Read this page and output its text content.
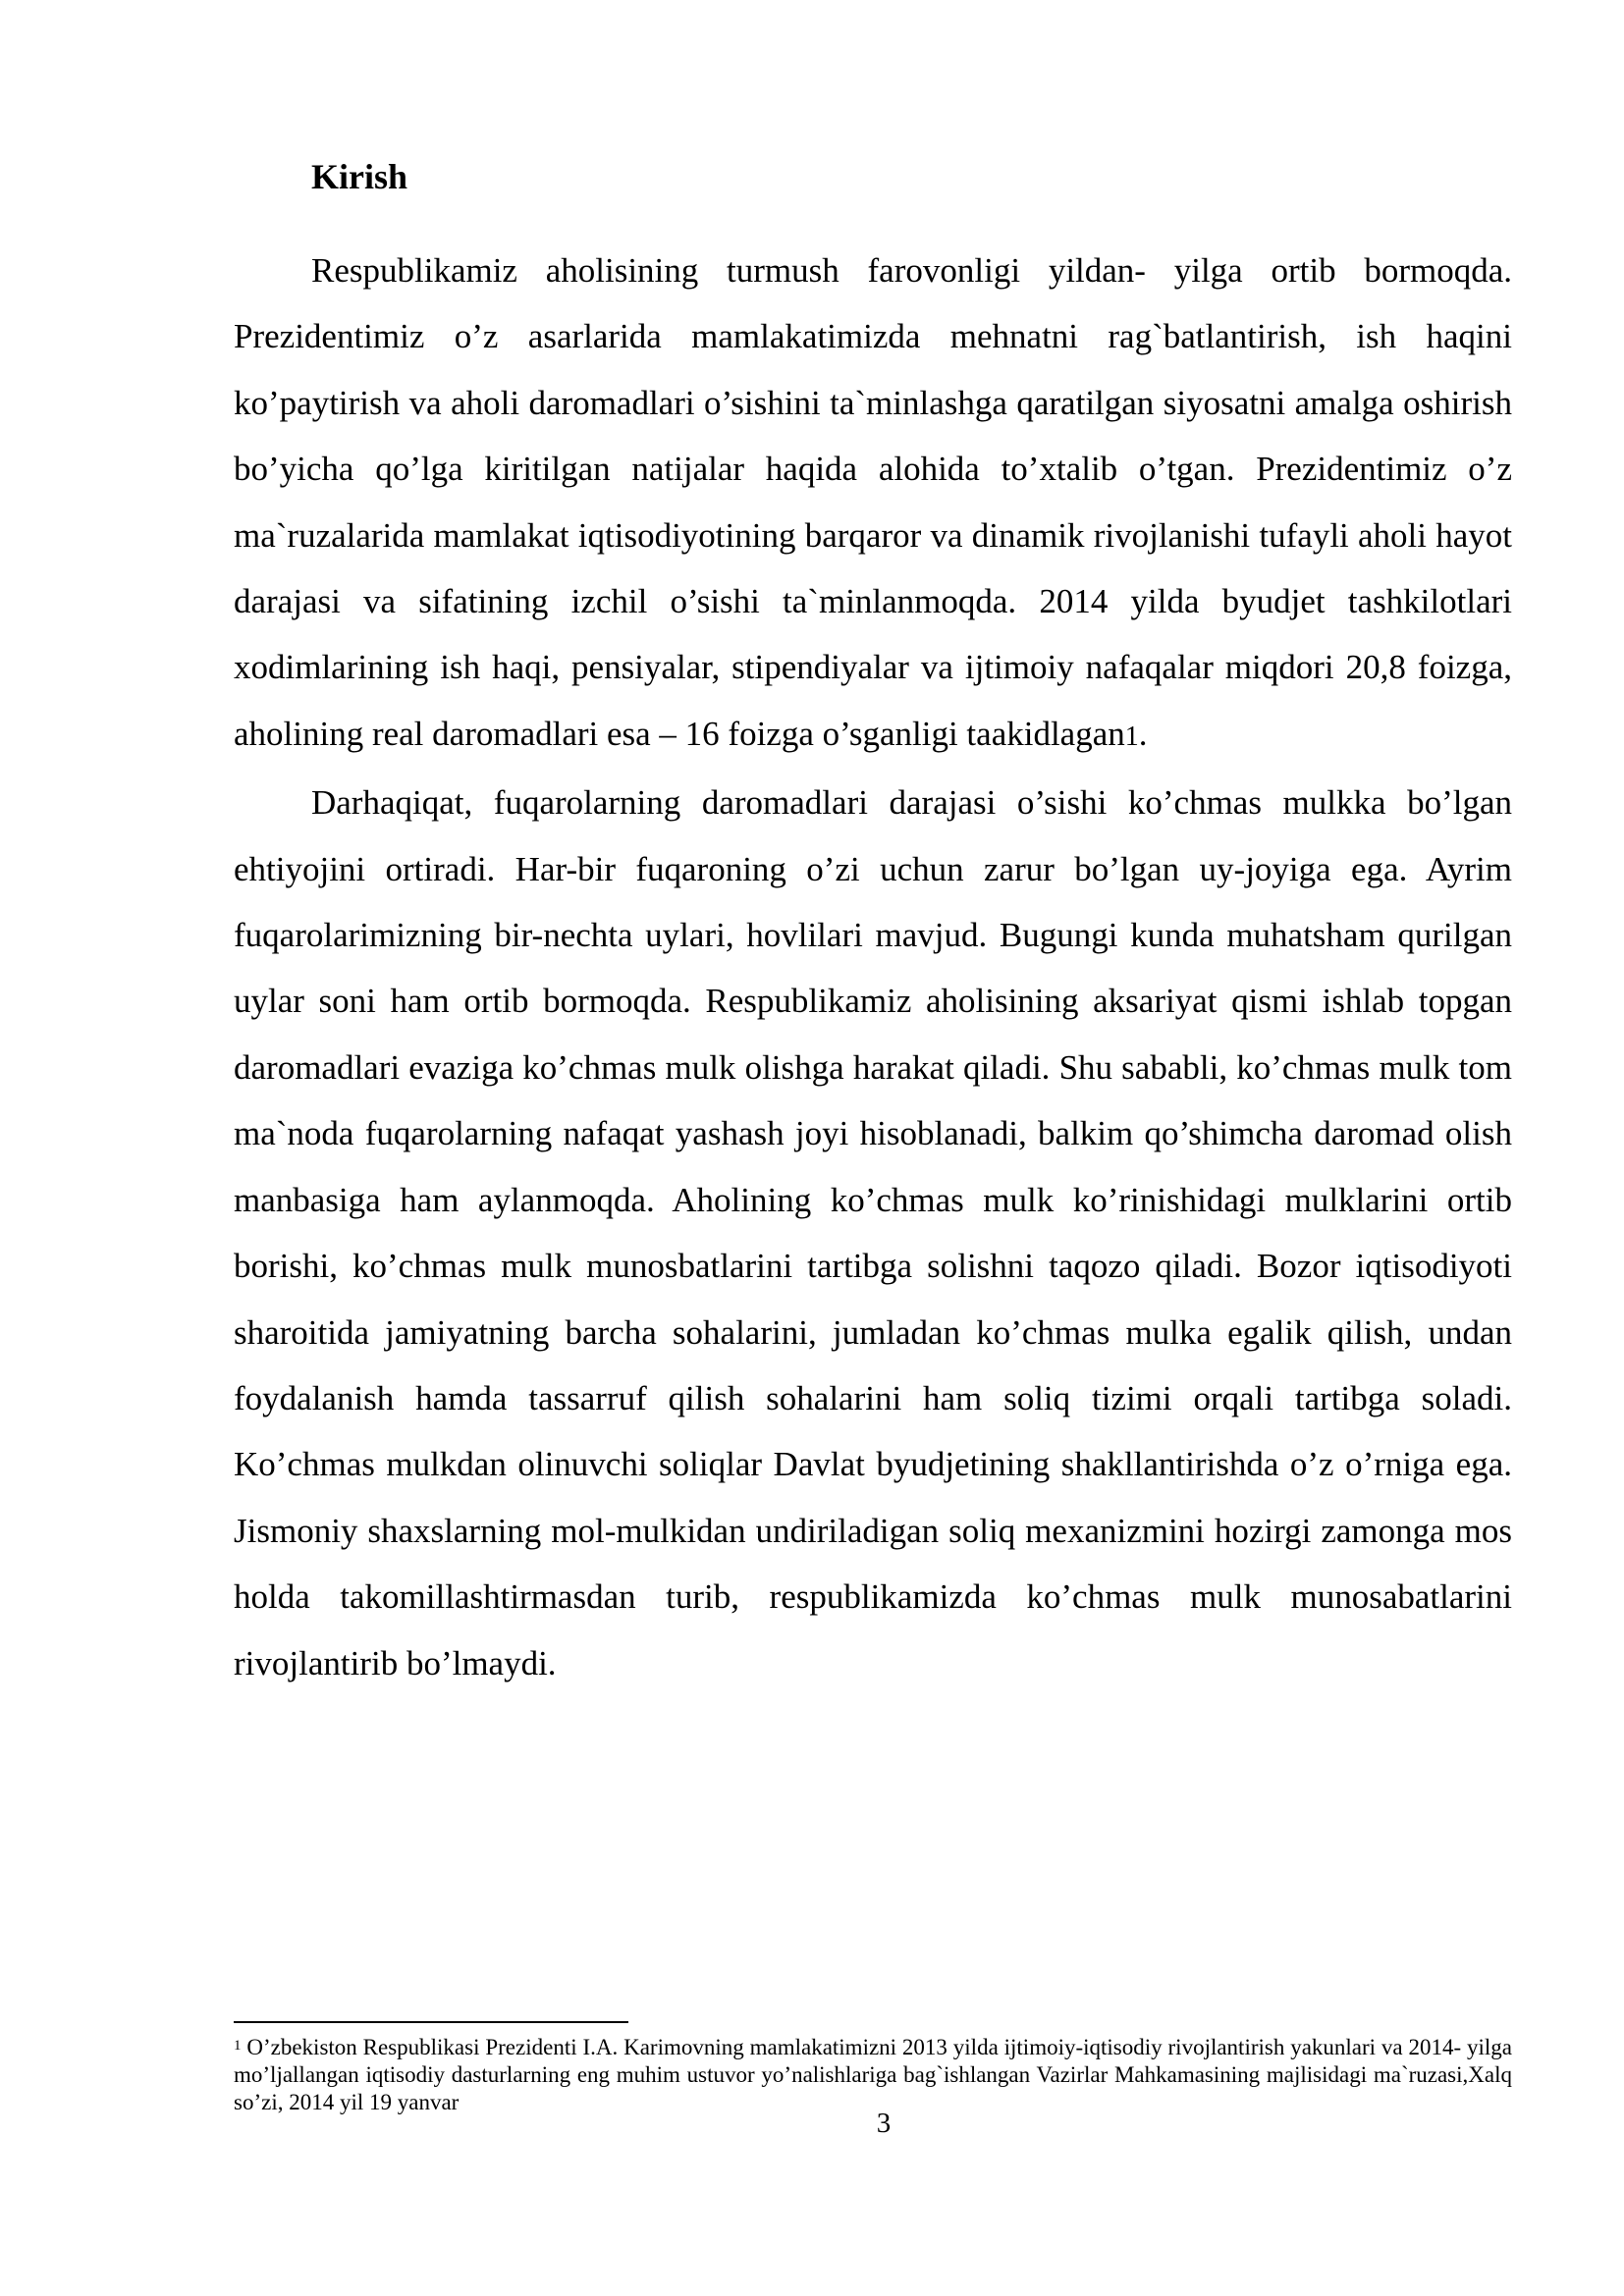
Kirish

Respublikamiz aholisining turmush farovonligi yildan- yilga ortib bormoqda. Prezidentimiz o’z asarlarida mamlakatimizda mehnatni rag`batlantirish, ish haqini ko’paytirish va aholi daromadlari o’sishini ta`minlashga qaratilgan siyosatni amalga oshirish bo’yicha qo’lga kiritilgan natijalar haqida alohida to’xtalib o’tgan. Prezidentimiz o’z ma`ruzalarida mamlakat iqtisodiyotining barqaror va dinamik rivojlanishi tufayli aholi hayot darajasi va sifatining izchil o’sishi ta`minlanmoqda. 2014 yilda byudjet tashkilotlari xodimlarining ish haqi, pensiyalar, stipendiyalar va ijtimoiy nafaqalar miqdori 20,8 foizga, aholining real daromadlari esa – 16 foizga o’sganligi taakidlagan1.

Darhaqiqat, fuqarolarning daromadlari darajasi o’sishi ko’chmas mulkka bo’lgan ehtiyojini ortiradi. Har-bir fuqaroning o’zi uchun zarur bo’lgan uy-joyiga ega. Ayrim fuqarolarimizning bir-nechta uylari, hovlilari mavjud. Bugungi kunda muhatsham qurilgan uylar soni ham ortib bormoqda. Respublikamiz aholisining aksariyat qismi ishlab topgan daromadlari evaziga ko’chmas mulk olishga harakat qiladi. Shu sababli, ko’chmas mulk tom ma`noda fuqarolarning nafaqat yashash joyi hisoblanadi, balkim qo’shimcha daromad olish manbasiga ham aylanmoqda. Aholining ko’chmas mulk ko’rinishidagi mulklarini ortib borishi, ko’chmas mulk munosbatlarini tartibga solishni taqozo qiladi. Bozor iqtisodiyoti sharoitida jamiyatning barcha sohalarini, jumladan ko’chmas mulka egalik qilish, undan foydalanish hamda tassarruf qilish sohalarini ham soliq tizimi orqali tartibga soladi. Ko’chmas mulkdan olinuvchi soliqlar Davlat byudjetining shakllantirishda o’z o’rniga ega. Jismoniy shaxslarning mol-mulkidan undiriladigan soliq mexanizmini hozirgi zamonga mos holda takomillashtirmasdan turib, respublikamizda ko’chmas mulk munosabatlarini rivojlantirib bo’lmaydi.

$^1$ O’zbekiston Respublikasi Prezidenti I.A. Karimovning mamlakatimizni 2013 yilda ijtimoiy-iqtisodiy rivojlantirish yakunlari va 2014- yilga mo’ljallangan iqtisodiy dasturlarning eng muhim ustuvor yo’nalishlariga bag`ishlangan Vazirlar Mahkamasining majlisidagi ma`ruzasi,Xalq so’zi, 2014 yil 19 yanvar

3
